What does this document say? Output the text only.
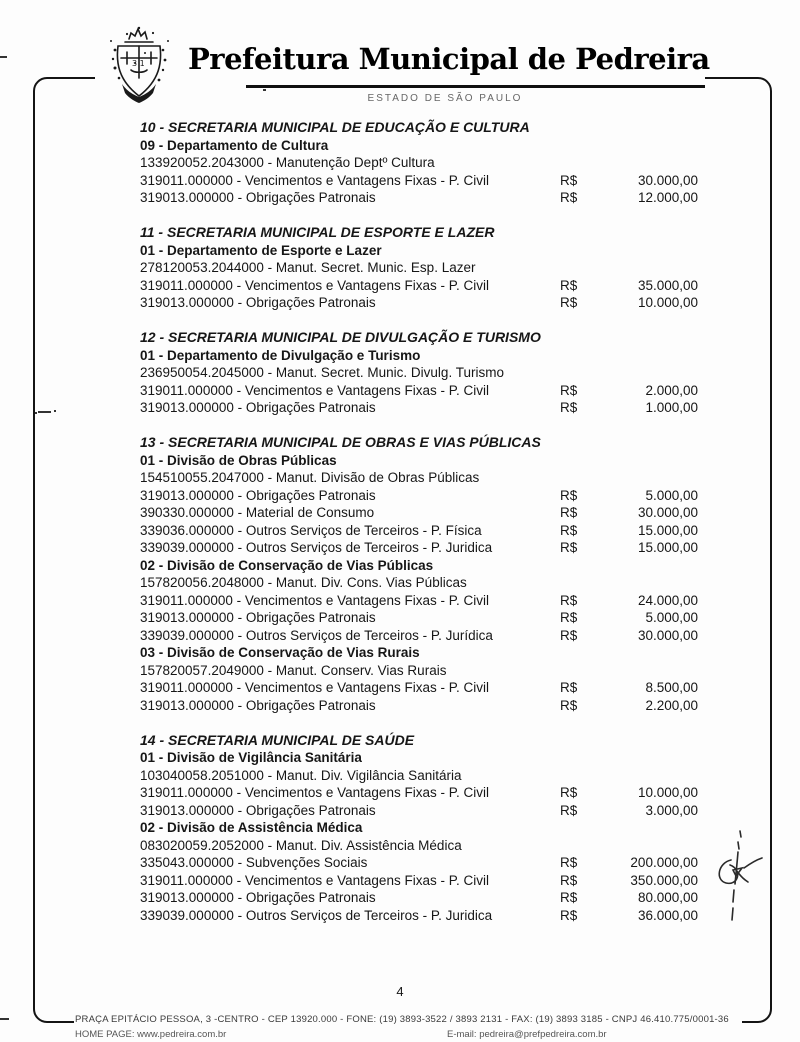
3 1 Prefeitura Municipal de Pedreira
ESTADO DE SÃO PAULO
10 - SECRETARIA MUNICIPAL DE EDUCAÇÃO E CULTURA
09 - Departamento de Cultura
133920052.2043000 - Manutenção Deptº Cultura
319011.000000 - Vencimentos e Vantagens Fixas - P. Civil	R$	30.000,00
319013.000000 - Obrigações Patronais	R$	12.000,00
11 - SECRETARIA MUNICIPAL DE ESPORTE E LAZER
01 - Departamento de Esporte e Lazer
278120053.2044000 - Manut. Secret. Munic. Esp. Lazer
319011.000000 - Vencimentos e Vantagens Fixas - P. Civil	R$	35.000,00
319013.000000 - Obrigações Patronais	R$	10.000,00
12 - SECRETARIA MUNICIPAL DE DIVULGAÇÃO E TURISMO
01 - Departamento de Divulgação e Turismo
236950054.2045000 - Manut. Secret. Munic. Divulg. Turismo
319011.000000 - Vencimentos e Vantagens Fixas - P. Civil	R$	2.000,00
319013.000000 - Obrigações Patronais	R$	1.000,00
13 - SECRETARIA MUNICIPAL DE OBRAS E VIAS PÚBLICAS
01 - Divisão de Obras Públicas
154510055.2047000 - Manut. Divisão de Obras Públicas
319013.000000 - Obrigações Patronais	R$	5.000,00
390330.000000 - Material de Consumo	R$	30.000,00
339036.000000 - Outros Serviços de Terceiros - P. Física	R$	15.000,00
339039.000000 - Outros Serviços de Terceiros - P. Juridica	R$	15.000,00
02 - Divisão de Conservação de Vias Públicas
157820056.2048000 - Manut. Div. Cons. Vias Públicas
319011.000000 - Vencimentos e Vantagens Fixas - P. Civil	R$	24.000,00
319013.000000 - Obrigações Patronais	R$	5.000,00
339039.000000 - Outros Serviços de Terceiros - P. Jurídica	R$	30.000,00
03 - Divisão de Conservação de Vias Rurais
157820057.2049000 - Manut. Conserv. Vias Rurais
319011.000000 - Vencimentos e Vantagens Fixas - P. Civil	R$	8.500,00
319013.000000 - Obrigações Patronais	R$	2.200,00
14 - SECRETARIA MUNICIPAL DE SAÚDE
01 - Divisão de Vigilância Sanitária
103040058.2051000 - Manut. Div. Vigilância Sanitária
319011.000000 - Vencimentos e Vantagens Fixas - P. Civil	R$	10.000,00
319013.000000 - Obrigações Patronais	R$	3.000,00
02 - Divisão de Assistência Médica
083020059.2052000 - Manut. Div. Assistência Médica
335043.000000 - Subvenções Sociais	R$	200.000,00
319011.000000 - Vencimentos e Vantagens Fixas - P. Civil	R$	350.000,00
319013.000000 - Obrigações Patronais	R$	80.000,00
339039.000000 - Outros Serviços de Terceiros - P. Juridica	R$	36.000,00
4
PRAÇA EPITÁCIO PESSOA, 3 -CENTRO - CEP 13920.000 - FONE: (19) 3893-3522 / 3893 2131 - FAX: (19) 3893 3185 - CNPJ 46.410.775/0001-36
HOME PAGE: www.pedreira.com.br	E-mail: pedreira@prefpedreira.com.br
